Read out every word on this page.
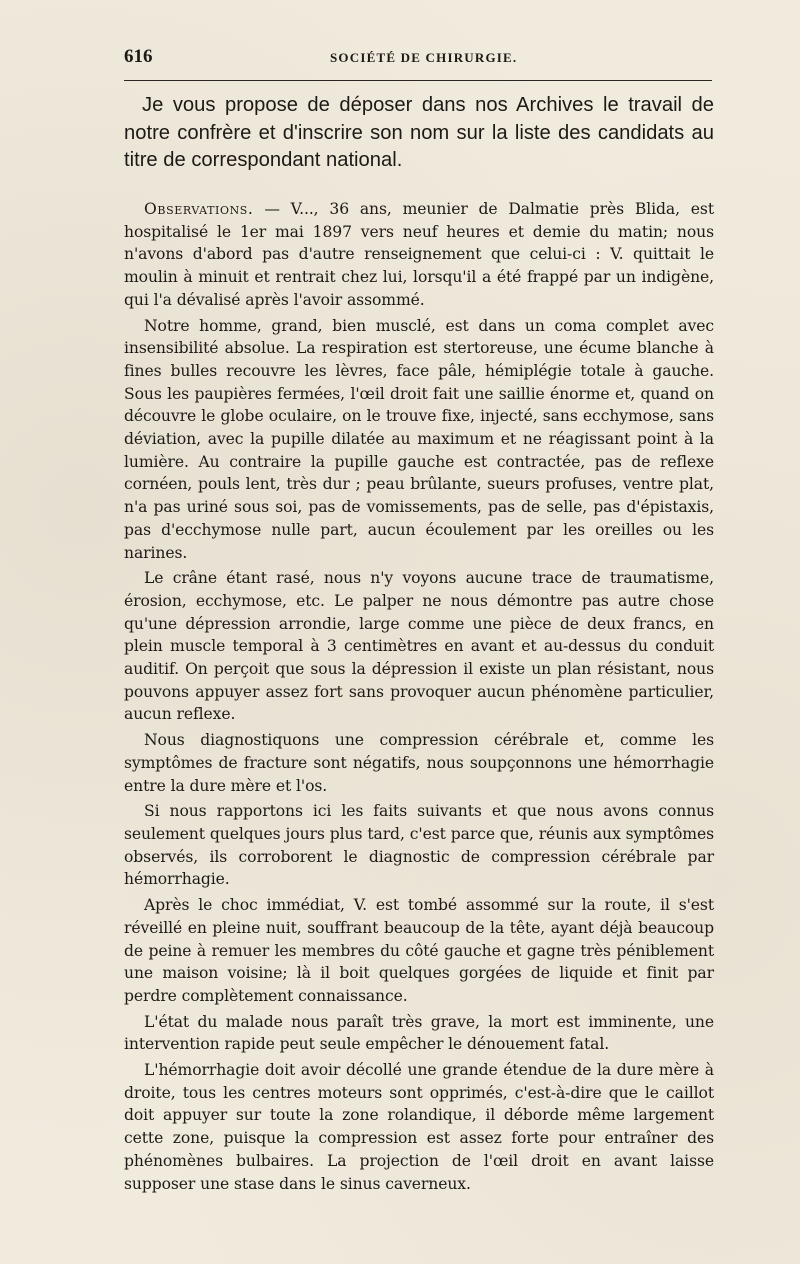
616	SOCIÉTÉ DE CHIRURGIE.

Je vous propose de déposer dans nos Archives le travail de notre confrère et d'inscrire son nom sur la liste des candidats au titre de correspondant national.

Observations. — V..., 36 ans, meunier de Dalmatie près Blida, est hospitalisé le 1er mai 1897 vers neuf heures et demie du matin; nous n'avons d'abord pas d'autre renseignement que celui-ci : V. quittait le moulin à minuit et rentrait chez lui, lorsqu'il a été frappé par un indigène, qui l'a dévalisé après l'avoir assommé.

Notre homme, grand, bien musclé, est dans un coma complet avec insensibilité absolue. La respiration est stertoreuse, une écume blanche à fines bulles recouvre les lèvres, face pâle, hémiplégie totale à gauche. Sous les paupières fermées, l'œil droit fait une saillie énorme et, quand on découvre le globe oculaire, on le trouve fixe, injecté, sans ecchymose, sans déviation, avec la pupille dilatée au maximum et ne réagissant point à la lumière. Au contraire la pupille gauche est contractée, pas de reflexe cornéen, pouls lent, très dur ; peau brûlante, sueurs profuses, ventre plat, n'a pas uriné sous soi, pas de vomissements, pas de selle, pas d'épistaxis, pas d'ecchymose nulle part, aucun écoulement par les oreilles ou les narines.

Le crâne étant rasé, nous n'y voyons aucune trace de traumatisme, érosion, ecchymose, etc. Le palper ne nous démontre pas autre chose qu'une dépression arrondie, large comme une pièce de deux francs, en plein muscle temporal à 3 centimètres en avant et au-dessus du conduit auditif. On perçoit que sous la dépression il existe un plan résistant, nous pouvons appuyer assez fort sans provoquer aucun phénomène particulier, aucun reflexe.

Nous diagnostiquons une compression cérébrale et, comme les symptômes de fracture sont négatifs, nous soupçonnons une hémorrhagie entre la dure mère et l'os.

Si nous rapportons ici les faits suivants et que nous avons connus seulement quelques jours plus tard, c'est parce que, réunis aux symptômes observés, ils corroborent le diagnostic de compression cérébrale par hémorrhagie.

Après le choc immédiat, V. est tombé assommé sur la route, il s'est réveillé en pleine nuit, souffrant beaucoup de la tête, ayant déjà beaucoup de peine à remuer les membres du côté gauche et gagne très péniblement une maison voisine; là il boit quelques gorgées de liquide et finit par perdre complètement connaissance.

L'état du malade nous paraît très grave, la mort est imminente, une intervention rapide peut seule empêcher le dénouement fatal.

L'hémorrhagie doit avoir décollé une grande étendue de la dure mère à droite, tous les centres moteurs sont opprimés, c'est-à-dire que le caillot doit appuyer sur toute la zone rolandique, il déborde même largement cette zone, puisque la compression est assez forte pour entraîner des phénomènes bulbaires. La projection de l'œil droit en avant laisse supposer une stase dans le sinus caverneux.
